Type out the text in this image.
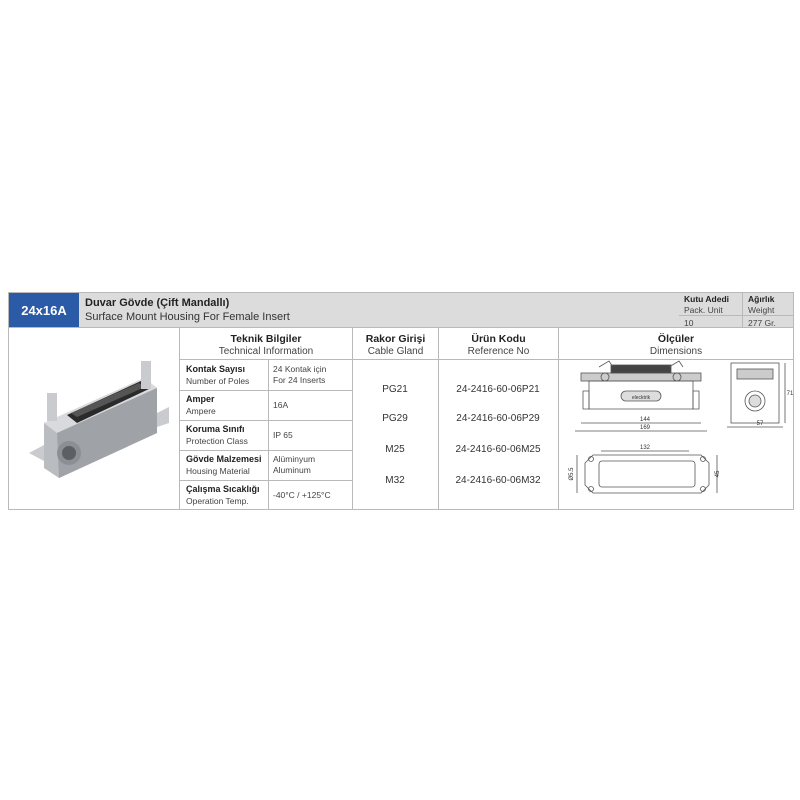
24x16A	Duvar Gövde (Çift Mandallı)
Surface Mount Housing For Female Insert
Kutu Adedi
Pack. Unit
10
Ağırlık
Weight
277 Gr.
Teknik Bilgiler
Technical Information
Rakor Girişi
Cable Gland
Ürün Kodu
Reference No
Ölçüler
Dimensions
Kontak Sayısı
Number of Poles
24 Kontak için
For 24 Inserts
Amper
Ampere
16A
Koruma Sınıfı
Protection Class
IP 65
Gövde Malzemesi
Housing Material
Alüminyum
Aluminum
Çalışma Sıcaklığı
Operation Temp.
-40°C / +125°C
PG21
PG29
M25
M32
24-2416-60-06P21
24-2416-60-06P29
24-2416-60-06M25
24-2416-60-06M32
144
169
elecktrik
71
57
132
45
Ø5.5
